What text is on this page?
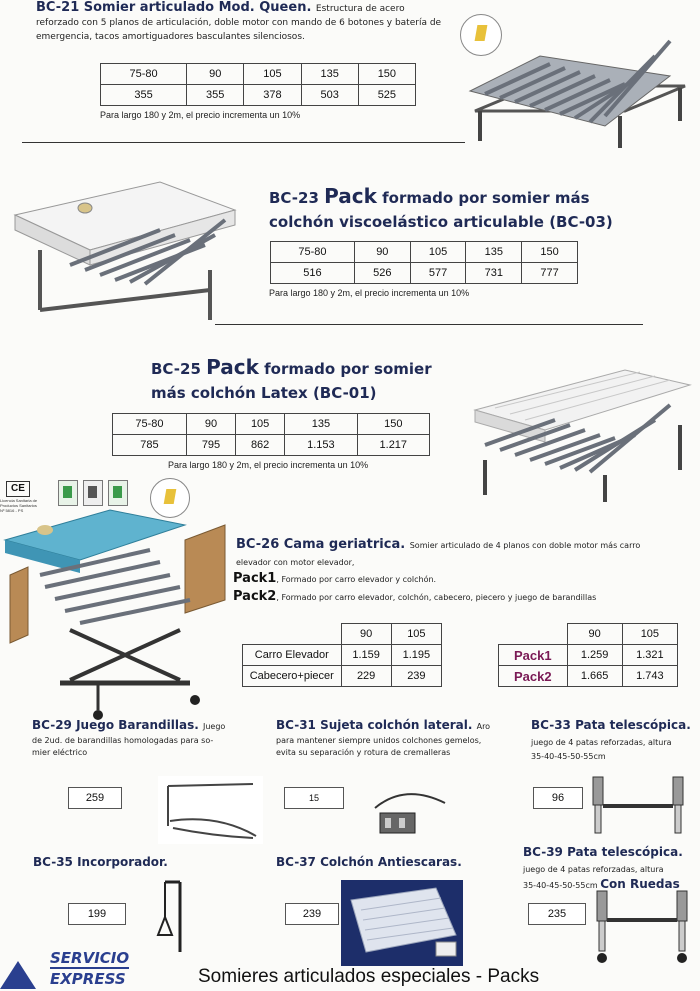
BC-21 Somier articulado Mod. Queen. Estructura de acero
reforzado con 5 planos de articulación, doble motor con mando de 6 botones y batería de
emergencia, tacos amortiguadores basculantes silenciosos.
75-80	90	105	135	150
355	355	378	503	525
Para largo 180 y 2m, el precio incrementa un 10%
BC-23 Pack formado por somier más
colchón viscoelástico articulable (BC-03)
75-80	90	105	135	150
516	526	577	731	777
Para largo 180 y 2m, el precio incrementa un 10%
BC-25 Pack formado por somier
más colchón Latex (BC-01)
75-80	90	105	135	150
785	795	862	1.153	1.217
Para largo 180 y 2m, el precio incrementa un 10%
CE
Licencia Sanitaria de Productos Sanitarios Nº 5816 - PS
BC-26 Cama geriatrica. Somier articulado de 4 planos con doble motor más carro
elevador con motor elevador,
Pack1, Formado por carro elevador y colchón.
Pack2, Formado por carro elevador, colchón, cabecero, piecero y juego de barandillas
	90	105
Carro Elevador	1.159	1.195
Cabecero+piecer	229	239
	90	105
Pack1	1.259	1.321
Pack2	1.665	1.743
BC-29 Juego Barandillas. Juego
de 2ud. de barandillas homologadas para so-
mier eléctrico
259
BC-31 Sujeta colchón lateral. Aro
para mantener siempre unidos colchones gemelos,
evita su separación y rotura de cremalleras
15
BC-33 Pata telescópica.
juego de 4 patas reforzadas, altura
35-40-45-50-55cm
96
BC-35 Incorporador.
199
BC-37 Colchón Antiescaras.
239
BC-39 Pata telescópica.
juego de 4 patas reforzadas, altura
35-40-45-50-55cm Con Ruedas
235
SERVICIO
EXPRESS	Somieres articulados especiales - Packs
